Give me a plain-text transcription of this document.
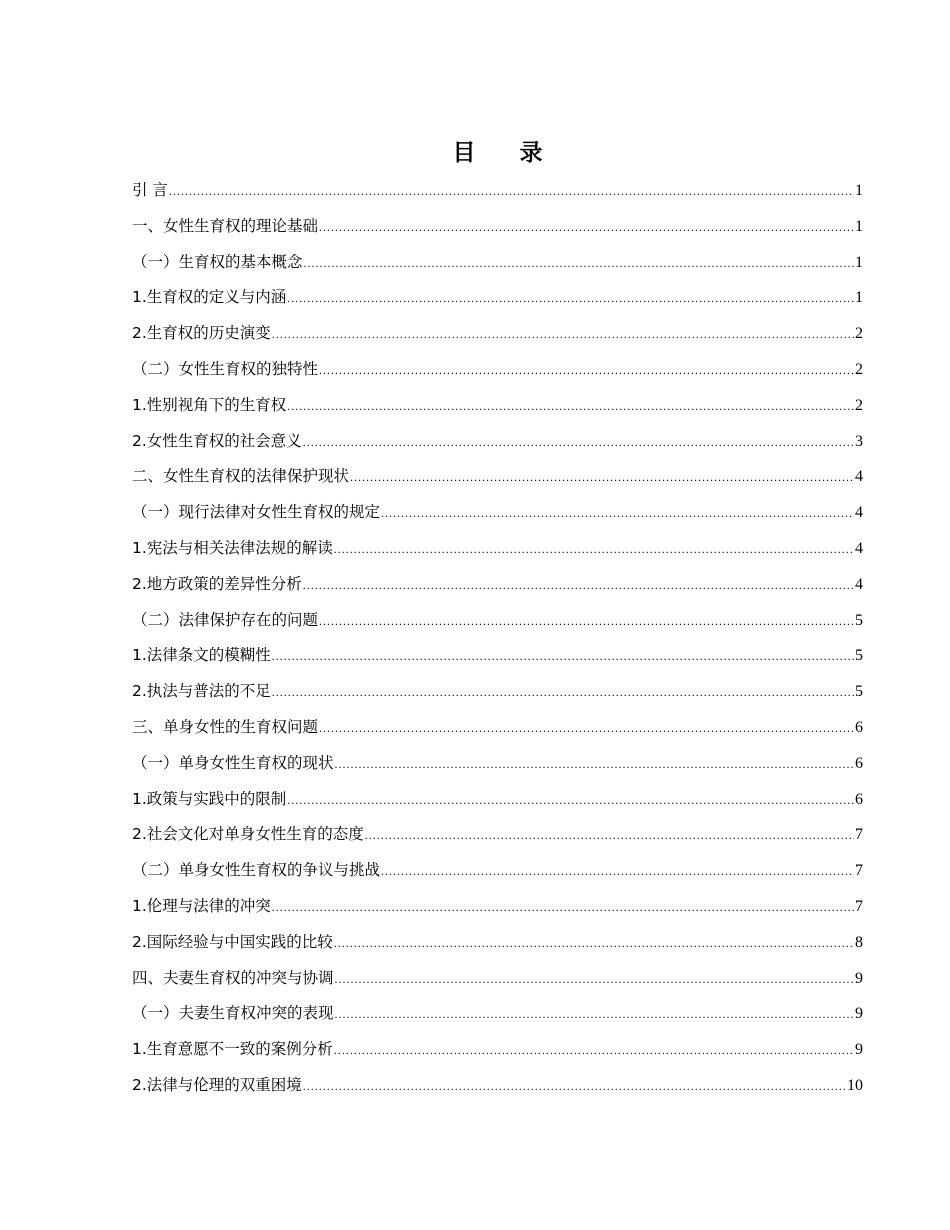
目 录
引 言 .....	1
一、女性生育权的理论基础 .....	1
（一）生育权的基本概念 .....	1
1.生育权的定义与内涵 .....	1
2.生育权的历史演变 .....	2
（二）女性生育权的独特性 .....	2
1.性别视角下的生育权 .....	2
2.女性生育权的社会意义 .....	3
二、女性生育权的法律保护现状 .....	4
（一）现行法律对女性生育权的规定 .....	4
1.宪法与相关法律法规的解读 .....	4
2.地方政策的差异性分析 .....	4
（二）法律保护存在的问题 .....	5
1.法律条文的模糊性 .....	5
2.执法与普法的不足 .....	5
三、单身女性的生育权问题 .....	6
（一）单身女性生育权的现状 .....	6
1.政策与实践中的限制 .....	6
2.社会文化对单身女性生育的态度 .....	7
（二）单身女性生育权的争议与挑战 .....	7
1.伦理与法律的冲突 .....	7
2.国际经验与中国实践的比较 .....	8
四、夫妻生育权的冲突与协调 .....	9
（一）夫妻生育权冲突的表现 .....	9
1.生育意愿不一致的案例分析 .....	9
2.法律与伦理的双重困境 .....	10
